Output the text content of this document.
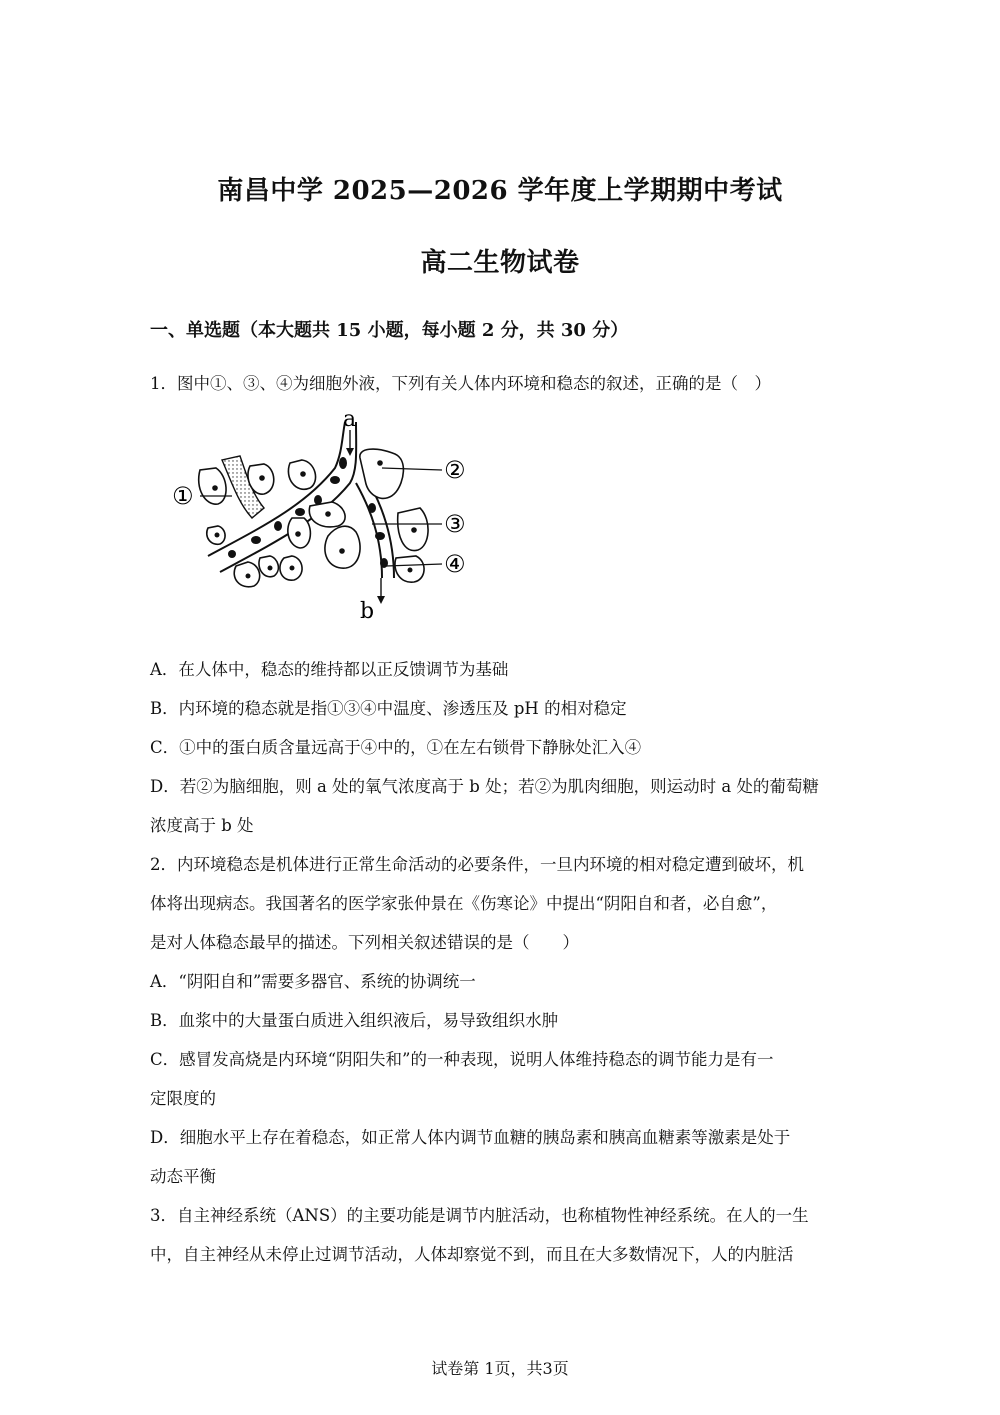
南昌中学 2025—2026 学年度上学期期中考试
高二生物试卷
一、单选题（本大题共 15 小题，每小题 2 分，共 30 分）
1．图中①、③、④为细胞外液，下列有关人体内环境和稳态的叙述，正确的是（　）
a
b
①
②
③
④
A．在人体中，稳态的维持都以正反馈调节为基础
B．内环境的稳态就是指①③④中温度、渗透压及 pH 的相对稳定
C．①中的蛋白质含量远高于④中的，①在左右锁骨下静脉处汇入④
D．若②为脑细胞，则 a 处的氧气浓度高于 b 处；若②为肌肉细胞，则运动时 a 处的葡萄糖
浓度高于 b 处
2．内环境稳态是机体进行正常生命活动的必要条件，一旦内环境的相对稳定遭到破坏，机
体将出现病态。我国著名的医学家张仲景在《伤寒论》中提出“阴阳自和者，必自愈”，
是对人体稳态最早的描述。下列相关叙述错误的是（　　）
A．“阴阳自和”需要多器官、系统的协调统一
B．血浆中的大量蛋白质进入组织液后，易导致组织水肿
C．感冒发高烧是内环境“阴阳失和”的一种表现，说明人体维持稳态的调节能力是有一
定限度的
D．细胞水平上存在着稳态，如正常人体内调节血糖的胰岛素和胰高血糖素等激素是处于
动态平衡
3．自主神经系统（ANS）的主要功能是调节内脏活动，也称植物性神经系统。在人的一生
中，自主神经从未停止过调节活动，人体却察觉不到，而且在大多数情况下，人的内脏活
试卷第 1页，共3页
